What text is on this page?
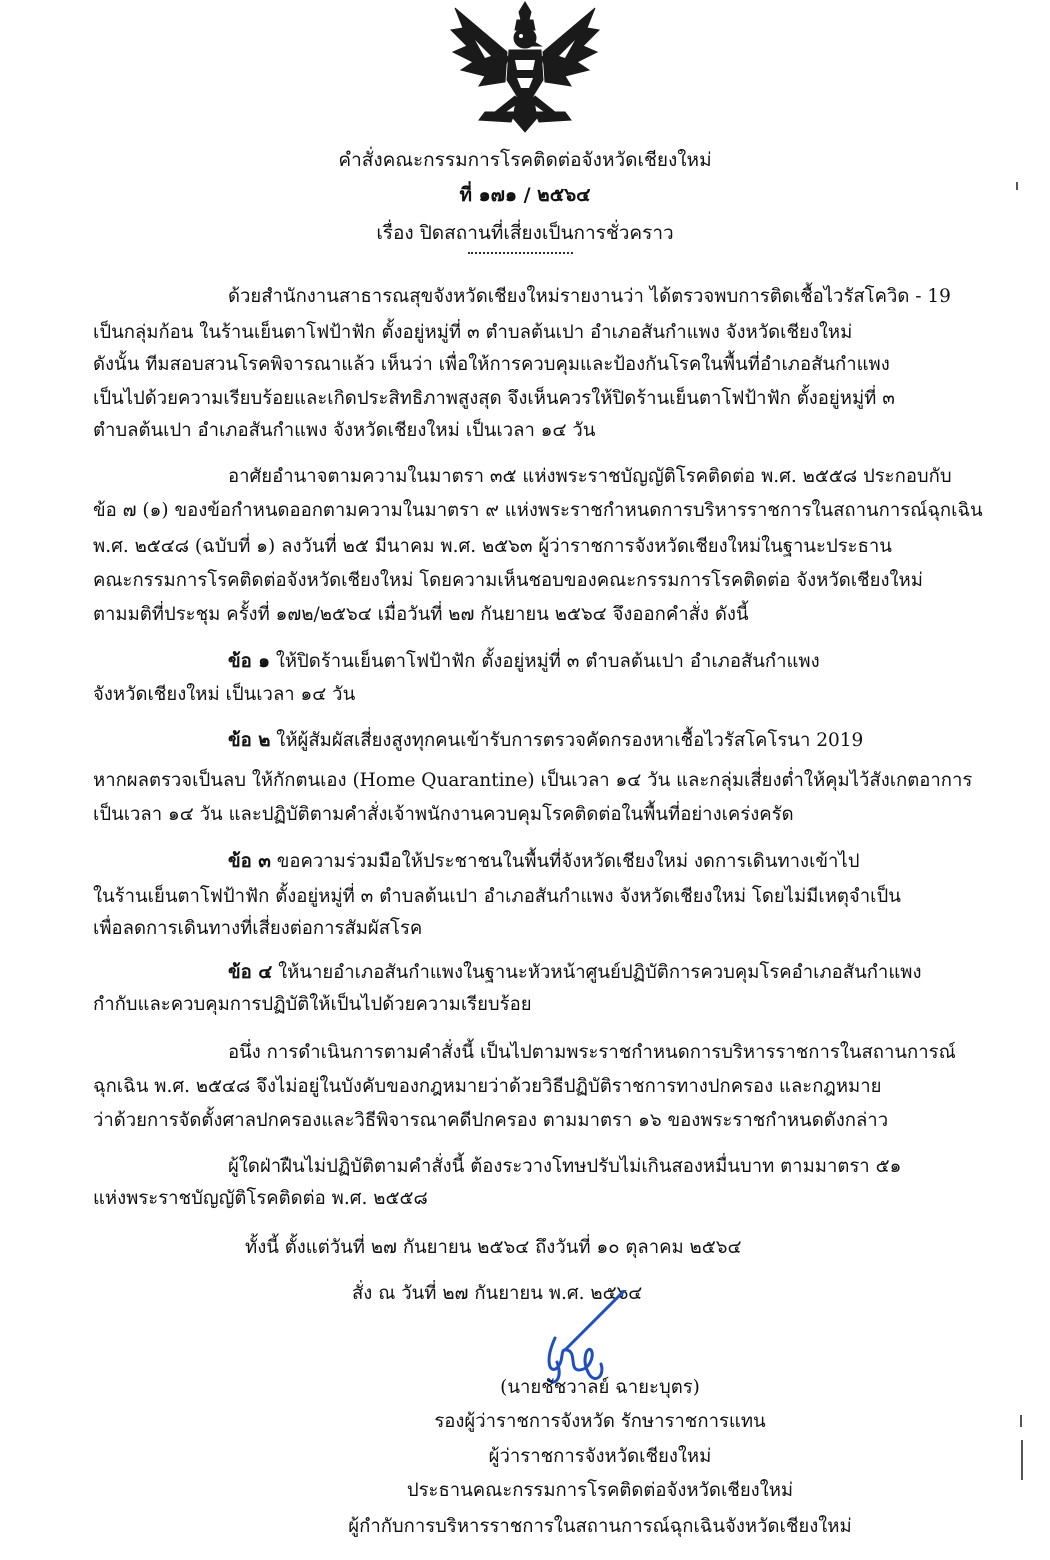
คำสั่งคณะกรรมการโรคติดต่อจังหวัดเชียงใหม่
ที่ ๑๗๑ / ๒๕๖๔
เรื่อง ปิดสถานที่เสี่ยงเป็นการชั่วคราว
ด้วยสำนักงานสาธารณสุขจังหวัดเชียงใหม่รายงานว่า ได้ตรวจพบการติดเชื้อไวรัสโควิด - 19
เป็นกลุ่มก้อน ในร้านเย็นตาโฟป้าฟัก ตั้งอยู่หมู่ที่ ๓ ตำบลต้นเปา อำเภอสันกำแพง จังหวัดเชียงใหม่
ดังนั้น ทีมสอบสวนโรคพิจารณาแล้ว เห็นว่า เพื่อให้การควบคุมและป้องกันโรคในพื้นที่อำเภอสันกำแพง
เป็นไปด้วยความเรียบร้อยและเกิดประสิทธิภาพสูงสุด จึงเห็นควรให้ปิดร้านเย็นตาโฟป้าฟัก ตั้งอยู่หมู่ที่ ๓
ตำบลต้นเปา อำเภอสันกำแพง จังหวัดเชียงใหม่ เป็นเวลา ๑๔ วัน
อาศัยอำนาจตามความในมาตรา ๓๕ แห่งพระราชบัญญัติโรคติดต่อ พ.ศ. ๒๕๕๘ ประกอบกับ
ข้อ ๗ (๑) ของข้อกำหนดออกตามความในมาตรา ๙ แห่งพระราชกำหนดการบริหารราชการในสถานการณ์ฉุกเฉิน
พ.ศ. ๒๕๔๘ (ฉบับที่ ๑) ลงวันที่ ๒๕ มีนาคม พ.ศ. ๒๕๖๓ ผู้ว่าราชการจังหวัดเชียงใหม่ในฐานะประธาน
คณะกรรมการโรคติดต่อจังหวัดเชียงใหม่ โดยความเห็นชอบของคณะกรรมการโรคติดต่อ จังหวัดเชียงใหม่
ตามมติที่ประชุม ครั้งที่ ๑๗๒/๒๕๖๔ เมื่อวันที่ ๒๗ กันยายน ๒๕๖๔ จึงออกคำสั่ง ดังนี้
ข้อ ๑ ให้ปิดร้านเย็นตาโฟป้าฟัก ตั้งอยู่หมู่ที่ ๓ ตำบลต้นเปา อำเภอสันกำแพง
จังหวัดเชียงใหม่ เป็นเวลา ๑๔ วัน
ข้อ ๒ ให้ผู้สัมผัสเสี่ยงสูงทุกคนเข้ารับการตรวจคัดกรองหาเชื้อไวรัสโคโรนา 2019
หากผลตรวจเป็นลบ ให้กักตนเอง (Home Quarantine) เป็นเวลา ๑๔ วัน และกลุ่มเสี่ยงต่ำให้คุมไว้สังเกตอาการ
เป็นเวลา ๑๔ วัน และปฏิบัติตามคำสั่งเจ้าพนักงานควบคุมโรคติดต่อในพื้นที่อย่างเคร่งครัด
ข้อ ๓ ขอความร่วมมือให้ประชาชนในพื้นที่จังหวัดเชียงใหม่ งดการเดินทางเข้าไป
ในร้านเย็นตาโฟป้าฟัก ตั้งอยู่หมู่ที่ ๓ ตำบลต้นเปา อำเภอสันกำแพง จังหวัดเชียงใหม่ โดยไม่มีเหตุจำเป็น
เพื่อลดการเดินทางที่เสี่ยงต่อการสัมผัสโรค
ข้อ ๔ ให้นายอำเภอสันกำแพงในฐานะหัวหน้าศูนย์ปฏิบัติการควบคุมโรคอำเภอสันกำแพง
กำกับและควบคุมการปฏิบัติให้เป็นไปด้วยความเรียบร้อย
อนึ่ง การดำเนินการตามคำสั่งนี้ เป็นไปตามพระราชกำหนดการบริหารราชการในสถานการณ์
ฉุกเฉิน พ.ศ. ๒๕๔๘ จึงไม่อยู่ในบังคับของกฎหมายว่าด้วยวิธีปฏิบัติราชการทางปกครอง และกฎหมาย
ว่าด้วยการจัดตั้งศาลปกครองและวิธีพิจารณาคดีปกครอง ตามมาตรา ๑๖ ของพระราชกำหนดดังกล่าว
ผู้ใดฝ่าฝืนไม่ปฏิบัติตามคำสั่งนี้ ต้องระวางโทษปรับไม่เกินสองหมื่นบาท ตามมาตรา ๕๑
แห่งพระราชบัญญัติโรคติดต่อ พ.ศ. ๒๕๕๘
ทั้งนี้ ตั้งแต่วันที่ ๒๗ กันยายน ๒๕๖๔ ถึงวันที่ ๑๐ ตุลาคม ๒๕๖๔
สั่ง ณ วันที่ ๒๗ กันยายน พ.ศ. ๒๕๖๔
(นายชัชวาลย์ ฉายะบุตร)
รองผู้ว่าราชการจังหวัด รักษาราชการแทน
ผู้ว่าราชการจังหวัดเชียงใหม่
ประธานคณะกรรมการโรคติดต่อจังหวัดเชียงใหม่
ผู้กำกับการบริหารราชการในสถานการณ์ฉุกเฉินจังหวัดเชียงใหม่
